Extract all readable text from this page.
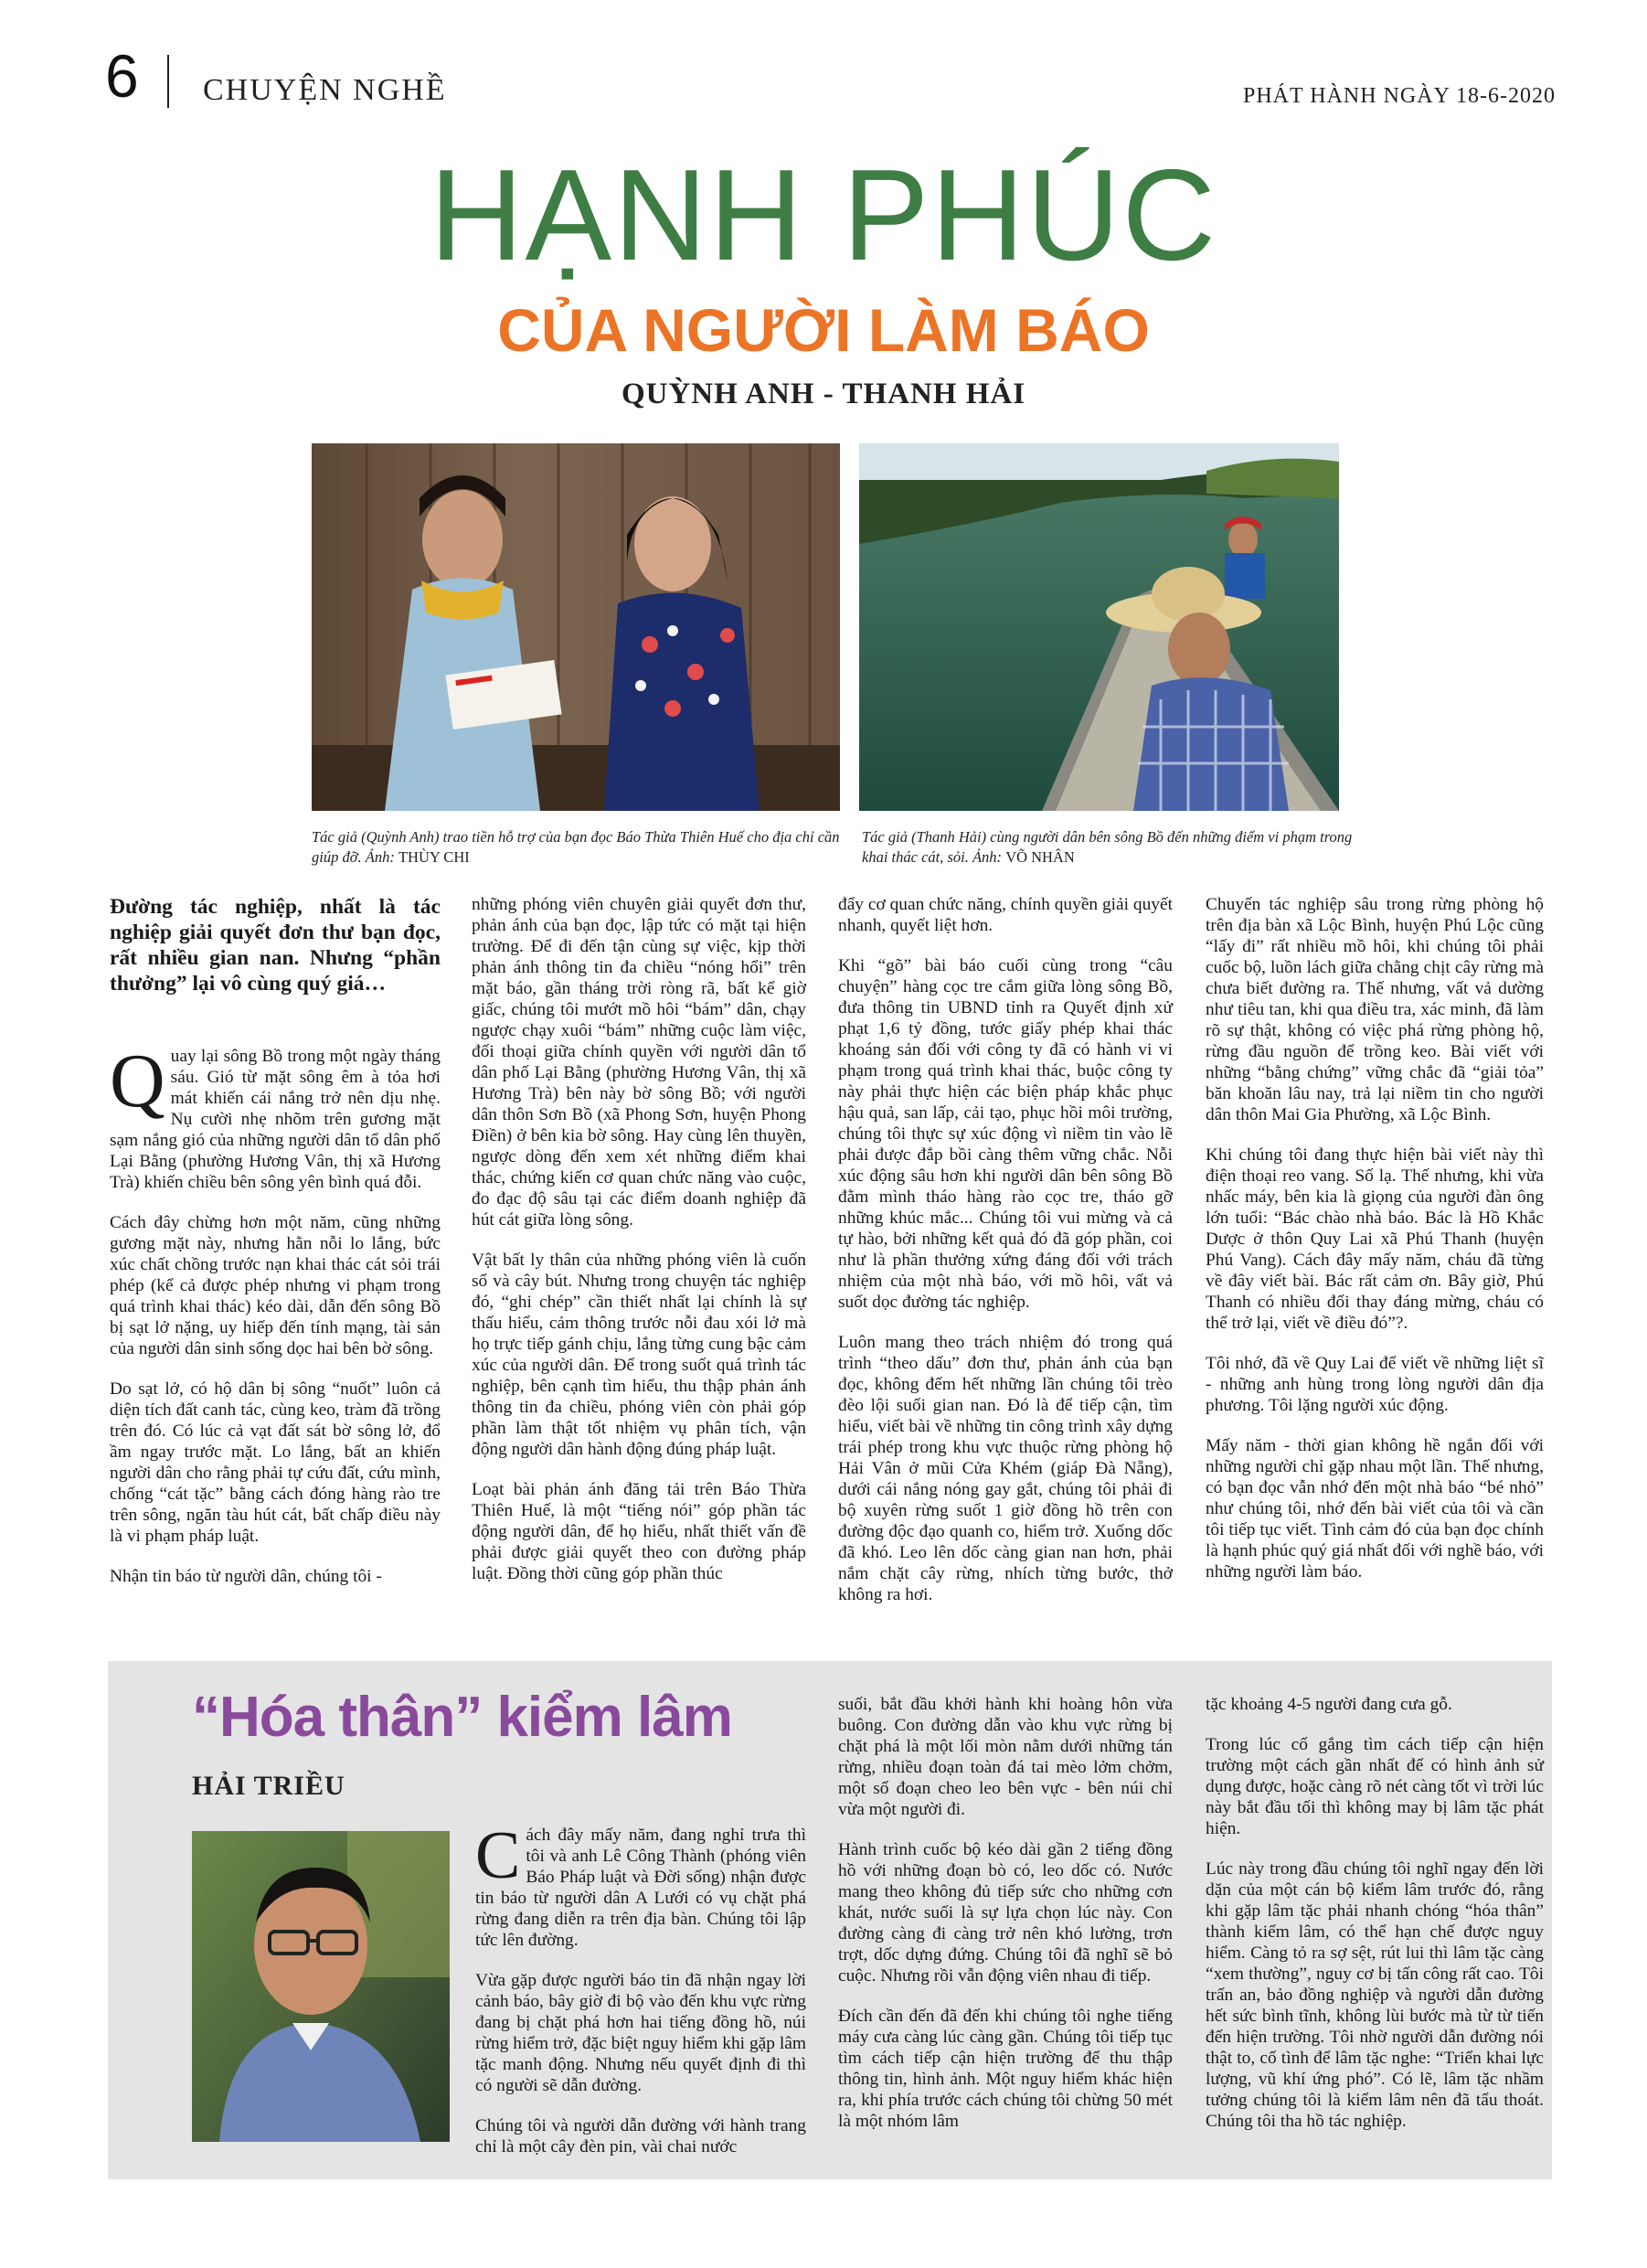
6 CHUYỆN NGHỀ	PHÁT HÀNH NGÀY 18-6-2020
HẠNH PHÚC
CỦA NGƯỜI LÀM BÁO
QUỲNH ANH - THANH HẢI
Tác giả (Quỳnh Anh) trao tiền hỗ trợ của bạn đọc Báo Thừa Thiên Huế cho địa chỉ cần giúp đỡ. Ảnh: THÙY CHI
Tác giả (Thanh Hải) cùng người dân bên sông Bồ đến những điểm vi phạm trong khai thác cát, sỏi. Ảnh: VÕ NHÂN

Đường tác nghiệp, nhất là tác nghiệp giải quyết đơn thư bạn đọc, rất nhiều gian nan. Nhưng “phần thưởng” lại vô cùng quý giá…

Quay lại sông Bồ trong một ngày tháng sáu. Gió từ mặt sông êm à tỏa hơi mát khiến cái nắng trở nên dịu nhẹ. Nụ cười nhẹ nhõm trên gương mặt sạm nắng gió của những người dân tổ dân phố Lại Bằng (phường Hương Vân, thị xã Hương Trà) khiến chiều bên sông yên bình quá đỗi.

Cách đây chừng hơn một năm, cũng những gương mặt này, nhưng hằn nỗi lo lắng, bức xúc chất chồng trước nạn khai thác cát sỏi trái phép (kể cả được phép nhưng vi phạm trong quá trình khai thác) kéo dài, dẫn đến sông Bồ bị sạt lở nặng, uy hiếp đến tính mạng, tài sản của người dân sinh sống dọc hai bên bờ sông.

Do sạt lở, có hộ dân bị sông “nuốt” luôn cả diện tích đất canh tác, cùng keo, tràm đã trồng trên đó. Có lúc cả vạt đất sát bờ sông lở, đổ ầm ngay trước mặt. Lo lắng, bất an khiến người dân cho rằng phải tự cứu đất, cứu mình, chống “cát tặc” bằng cách đóng hàng rào tre trên sông, ngăn tàu hút cát, bất chấp điều này là vi phạm pháp luật.

Nhận tin báo từ người dân, chúng tôi -

những phóng viên chuyên giải quyết đơn thư, phản ánh của bạn đọc, lập tức có mặt tại hiện trường. Để đi đến tận cùng sự việc, kịp thời phản ánh thông tin đa chiều “nóng hổi” trên mặt báo, gần tháng trời ròng rã, bất kể giờ giấc, chúng tôi mướt mồ hôi “bám” dân, chạy ngược chạy xuôi “bám” những cuộc làm việc, đối thoại giữa chính quyền với người dân tổ dân phố Lại Bằng (phường Hương Vân, thị xã Hương Trà) bên này bờ sông Bồ; với người dân thôn Sơn Bồ (xã Phong Sơn, huyện Phong Điền) ở bên kia bờ sông. Hay cùng lên thuyền, ngược dòng đến xem xét những điểm khai thác, chứng kiến cơ quan chức năng vào cuộc, đo đạc độ sâu tại các điểm doanh nghiệp đã hút cát giữa lòng sông.

Vật bất ly thân của những phóng viên là cuốn sổ và cây bút. Nhưng trong chuyện tác nghiệp đó, “ghi chép” cần thiết nhất lại chính là sự thấu hiểu, cảm thông trước nỗi đau xói lở mà họ trực tiếp gánh chịu, lắng từng cung bậc cảm xúc của người dân. Để trong suốt quá trình tác nghiệp, bên cạnh tìm hiểu, thu thập phản ánh thông tin đa chiều, phóng viên còn phải góp phần làm thật tốt nhiệm vụ phân tích, vận động người dân hành động đúng pháp luật.

Loạt bài phản ánh đăng tải trên Báo Thừa Thiên Huế, là một “tiếng nói” góp phần tác động người dân, để họ hiểu, nhất thiết vấn đề phải được giải quyết theo con đường pháp luật. Đồng thời cũng góp phần thúc

đẩy cơ quan chức năng, chính quyền giải quyết nhanh, quyết liệt hơn.

Khi “gõ” bài báo cuối cùng trong “câu chuyện” hàng cọc tre cắm giữa lòng sông Bồ, đưa thông tin UBND tỉnh ra Quyết định xử phạt 1,6 tỷ đồng, tước giấy phép khai thác khoáng sản đối với công ty đã có hành vi vi phạm trong quá trình khai thác, buộc công ty này phải thực hiện các biện pháp khắc phục hậu quả, san lấp, cải tạo, phục hồi môi trường, chúng tôi thực sự xúc động vì niềm tin vào lẽ phải được đắp bồi càng thêm vững chắc. Nỗi xúc động sâu hơn khi người dân bên sông Bồ đằm mình tháo hàng rào cọc tre, tháo gỡ những khúc mắc... Chúng tôi vui mừng và cả tự hào, bởi những kết quả đó đã góp phần, coi như là phần thưởng xứng đáng đối với trách nhiệm của một nhà báo, với mồ hôi, vất vả suốt dọc đường tác nghiệp.

Luôn mang theo trách nhiệm đó trong quá trình “theo dấu” đơn thư, phản ánh của bạn đọc, không đếm hết những lần chúng tôi trèo đèo lội suối gian nan. Đó là để tiếp cận, tìm hiểu, viết bài về những tin công trình xây dựng trái phép trong khu vực thuộc rừng phòng hộ Hải Vân ở mũi Cửa Khém (giáp Đà Nẵng), dưới cái nắng nóng gay gắt, chúng tôi phải đi bộ xuyên rừng suốt 1 giờ đồng hồ trên con đường độc đạo quanh co, hiểm trở. Xuống dốc đã khó. Leo lên dốc càng gian nan hơn, phải nắm chặt cây rừng, nhích từng bước, thở không ra hơi.

Chuyến tác nghiệp sâu trong rừng phòng hộ trên địa bàn xã Lộc Bình, huyện Phú Lộc cũng “lấy đi” rất nhiều mồ hôi, khi chúng tôi phải cuốc bộ, luồn lách giữa chằng chịt cây rừng mà chưa biết đường ra. Thế nhưng, vất vả dường như tiêu tan, khi qua điều tra, xác minh, đã làm rõ sự thật, không có việc phá rừng phòng hộ, rừng đầu nguồn để trồng keo. Bài viết với những “bằng chứng” vững chắc đã “giải tỏa” băn khoăn lâu nay, trả lại niềm tin cho người dân thôn Mai Gia Phường, xã Lộc Bình.

Khi chúng tôi đang thực hiện bài viết này thì điện thoại reo vang. Số lạ. Thế nhưng, khi vừa nhấc máy, bên kia là giọng của người đàn ông lớn tuổi: “Bác chào nhà báo. Bác là Hồ Khắc Dược ở thôn Quy Lai xã Phú Thanh (huyện Phú Vang). Cách đây mấy năm, cháu đã từng về đây viết bài. Bác rất cảm ơn. Bây giờ, Phú Thanh có nhiều đổi thay đáng mừng, cháu có thể trở lại, viết về điều đó”?.

Tôi nhớ, đã về Quy Lai để viết về những liệt sĩ - những anh hùng trong lòng người dân địa phương. Tôi lặng người xúc động.

Mấy năm - thời gian không hề ngắn đối với những người chỉ gặp nhau một lần. Thế nhưng, có bạn đọc vẫn nhớ đến một nhà báo “bé nhỏ” như chúng tôi, nhớ đến bài viết của tôi và cần tôi tiếp tục viết. Tình cảm đó của bạn đọc chính là hạnh phúc quý giá nhất đối với nghề báo, với những người làm báo.

“Hóa thân” kiểm lâm
HẢI TRIỀU

Cách đây mấy năm, đang nghỉ trưa thì tôi và anh Lê Công Thành (phóng viên Báo Pháp luật và Đời sống) nhận được tin báo từ người dân A Lưới có vụ chặt phá rừng đang diễn ra trên địa bàn. Chúng tôi lập tức lên đường.

Vừa gặp được người báo tin đã nhận ngay lời cảnh báo, bây giờ đi bộ vào đến khu vực rừng đang bị chặt phá hơn hai tiếng đồng hồ, núi rừng hiểm trở, đặc biệt nguy hiểm khi gặp lâm tặc manh động. Nhưng nếu quyết định đi thì có người sẽ dẫn đường.

Chúng tôi và người dẫn đường với hành trang chỉ là một cây đèn pin, vài chai nước

suối, bắt đầu khởi hành khi hoàng hôn vừa buông. Con đường dẫn vào khu vực rừng bị chặt phá là một lối mòn nằm dưới những tán rừng, nhiều đoạn toàn đá tai mèo lởm chởm, một số đoạn cheo leo bên vực - bên núi chỉ vừa một người đi.

Hành trình cuốc bộ kéo dài gần 2 tiếng đồng hồ với những đoạn bò có, leo dốc có. Nước mang theo không đủ tiếp sức cho những cơn khát, nước suối là sự lựa chọn lúc này. Con đường càng đi càng trở nên khó lường, trơn trợt, dốc dựng đứng. Chúng tôi đã nghĩ sẽ bỏ cuộc. Nhưng rồi vẫn động viên nhau đi tiếp.

Đích cần đến đã đến khi chúng tôi nghe tiếng máy cưa càng lúc càng gần. Chúng tôi tiếp tục tìm cách tiếp cận hiện trường để thu thập thông tin, hình ảnh. Một nguy hiểm khác hiện ra, khi phía trước cách chúng tôi chừng 50 mét là một nhóm lâm

tặc khoảng 4-5 người đang cưa gỗ.

Trong lúc cố gắng tìm cách tiếp cận hiện trường một cách gần nhất để có hình ảnh sử dụng được, hoặc càng rõ nét càng tốt vì trời lúc này bắt đầu tối thì không may bị lâm tặc phát hiện.

Lúc này trong đầu chúng tôi nghĩ ngay đến lời dặn của một cán bộ kiểm lâm trước đó, rằng khi gặp lâm tặc phải nhanh chóng “hóa thân” thành kiểm lâm, có thể hạn chế được nguy hiểm. Càng tỏ ra sợ sệt, rút lui thì lâm tặc càng “xem thường”, nguy cơ bị tấn công rất cao. Tôi trấn an, bảo đồng nghiệp và người dẫn đường hết sức bình tĩnh, không lùi bước mà từ từ tiến đến hiện trường. Tôi nhờ người dẫn đường nói thật to, cố tình để lâm tặc nghe: “Triển khai lực lượng, vũ khí ứng phó”. Có lẽ, lâm tặc nhầm tưởng chúng tôi là kiểm lâm nên đã tẩu thoát. Chúng tôi tha hồ tác nghiệp.
